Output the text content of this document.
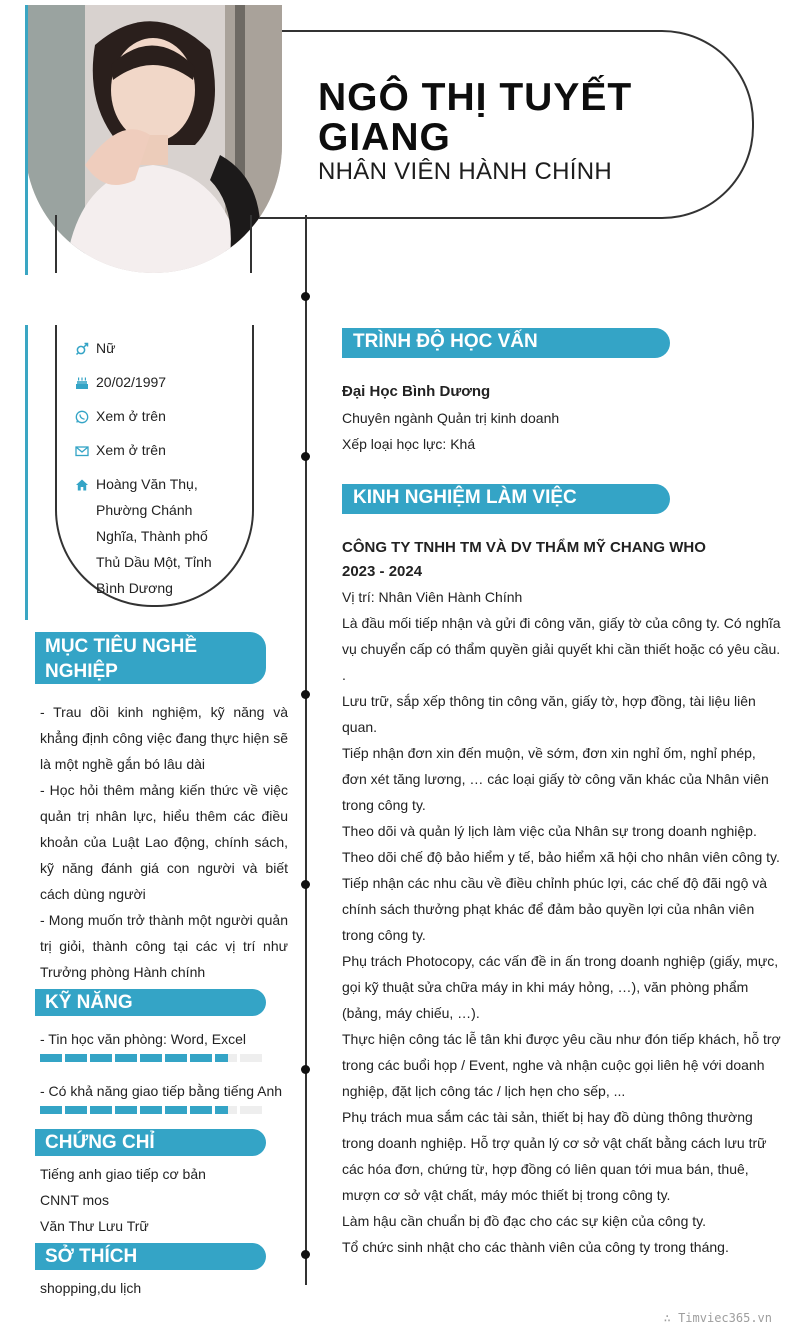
NGÔ THỊ TUYẾT GIANG
NHÂN VIÊN HÀNH CHÍNH
Nữ
20/02/1997
Xem ở trên
Xem ở trên
Hoàng Văn Thụ, Phường Chánh Nghĩa, Thành phố Thủ Dầu Một, Tỉnh Bình Dương
MỤC TIÊU NGHỀ NGHIỆP
- Trau dồi kinh nghiệm, kỹ năng và khẳng định công việc đang thực hiện sẽ là một nghề gắn bó lâu dài
- Học hỏi thêm mảng kiến thức về việc quản trị nhân lực, hiểu thêm các điều khoản của Luật Lao động, chính sách, kỹ năng đánh giá con người và biết cách dùng người
- Mong muốn trở thành một người quản trị giỏi, thành công tại các vị trí như Trưởng phòng Hành chính
KỸ NĂNG
- Tin học văn phòng: Word, Excel
- Có khả năng giao tiếp bằng tiếng Anh
CHỨNG CHỈ
Tiếng anh giao tiếp cơ bản
CNNT mos
Văn Thư Lưu Trữ
SỞ THÍCH
shopping,du lịch
TRÌNH ĐỘ HỌC VẤN
Đại Học Bình Dương
Chuyên ngành Quản trị kinh doanh
Xếp loại học lực: Khá
KINH NGHIỆM LÀM VIỆC
CÔNG TY TNHH TM VÀ DV THẨM MỸ CHANG WHO
2023 - 2024
Vị trí: Nhân Viên Hành Chính
Là đầu mối tiếp nhận và gửi đi công văn, giấy tờ của công ty. Có nghĩa vụ chuyển cấp có thẩm quyền giải quyết khi cần thiết hoặc có yêu cầu.
.
Lưu trữ, sắp xếp thông tin công văn, giấy tờ, hợp đồng, tài liệu liên quan.
Tiếp nhận đơn xin đến muộn, về sớm, đơn xin nghỉ ốm, nghỉ phép, đơn xét tăng lương, … các loại giấy tờ công văn khác của Nhân viên trong công ty.
Theo dõi và quản lý lịch làm việc của Nhân sự trong doanh nghiệp.
Theo dõi chế độ bảo hiểm y tế, bảo hiểm xã hội cho nhân viên công ty.
Tiếp nhận các nhu cầu về điều chỉnh phúc lợi, các chế độ đãi ngộ và chính sách thưởng phạt khác để đảm bảo quyền lợi của nhân viên trong công ty.
Phụ trách Photocopy, các vấn đề in ấn trong doanh nghiệp (giấy, mực, gọi kỹ thuật sửa chữa máy in khi máy hỏng, …), văn phòng phẩm (bảng, máy chiếu, …).
Thực hiện công tác lễ tân khi được yêu cầu như đón tiếp khách, hỗ trợ trong các buổi họp / Event, nghe và nhận cuộc gọi liên hệ với doanh nghiệp, đặt lịch công tác / lịch hẹn cho sếp, ...
Phụ trách mua sắm các tài sản, thiết bị hay đồ dùng thông thường trong doanh nghiệp. Hỗ trợ quản lý cơ sở vật chất bằng cách lưu trữ các hóa đơn, chứng từ, hợp đồng có liên quan tới mua bán, thuê, mượn cơ sở vật chất, máy móc thiết bị trong công ty.
Làm hậu cần chuẩn bị đồ đạc cho các sự kiện của công ty.
Tổ chức sinh nhật cho các thành viên của công ty trong tháng.
∴ Timviec365.vn
